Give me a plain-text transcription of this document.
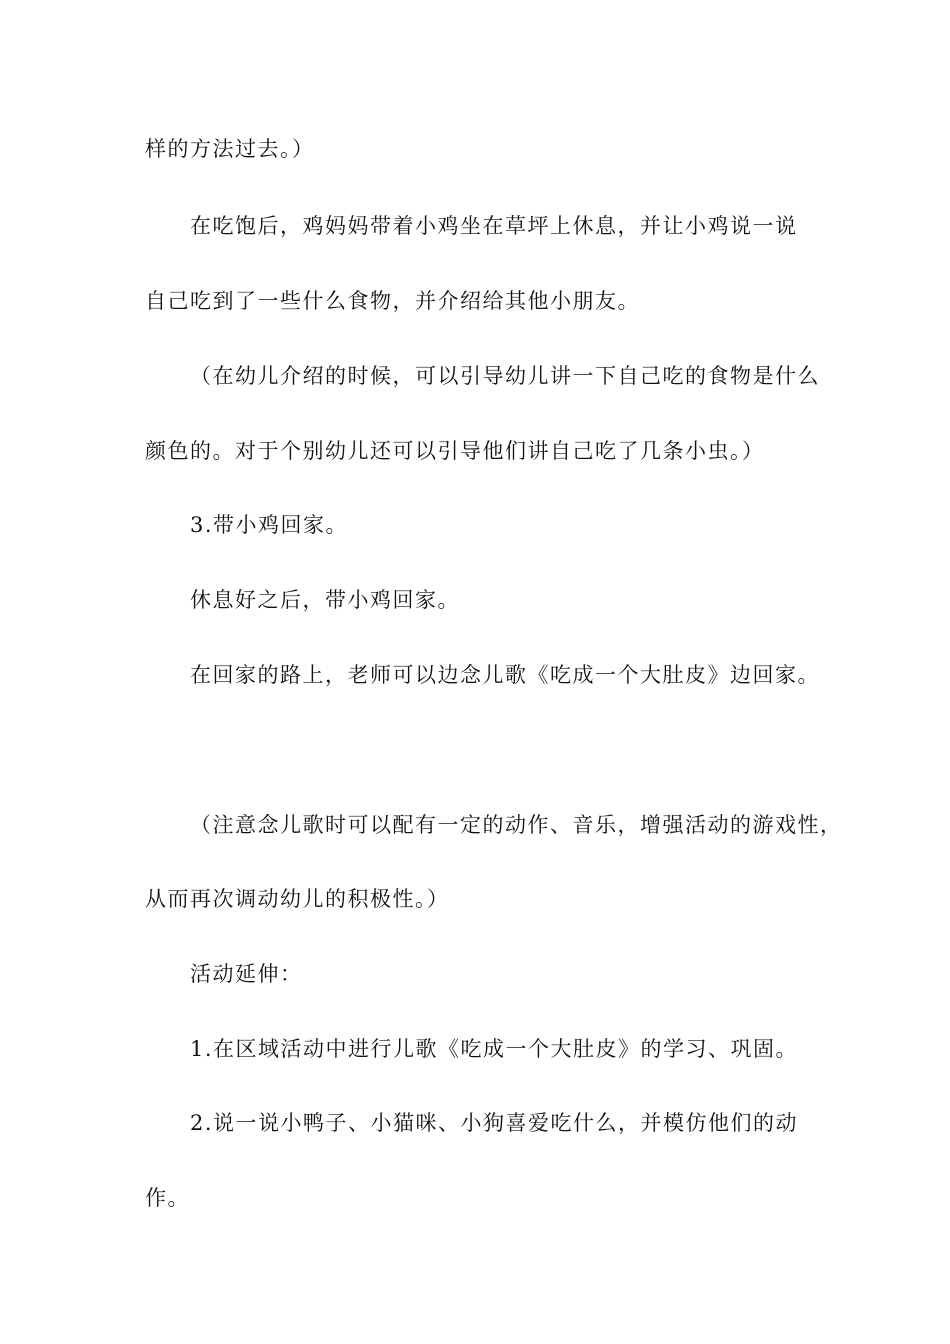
样的方法过去。）

在吃饱后，鸡妈妈带着小鸡坐在草坪上休息，并让小鸡说一说

自己吃到了一些什么食物，并介绍给其他小朋友。

（在幼儿介绍的时候，可以引导幼儿讲一下自己吃的食物是什么

颜色的。对于个别幼儿还可以引导他们讲自己吃了几条小虫。）

3.带小鸡回家。

休息好之后，带小鸡回家。

在回家的路上，老师可以边念儿歌《吃成一个大肚皮》边回家。

（注意念儿歌时可以配有一定的动作、音乐，增强活动的游戏性，

从而再次调动幼儿的积极性。）

活动延伸：

1.在区域活动中进行儿歌《吃成一个大肚皮》的学习、巩固。

2.说一说小鸭子、小猫咪、小狗喜爱吃什么，并模仿他们的动

作。
